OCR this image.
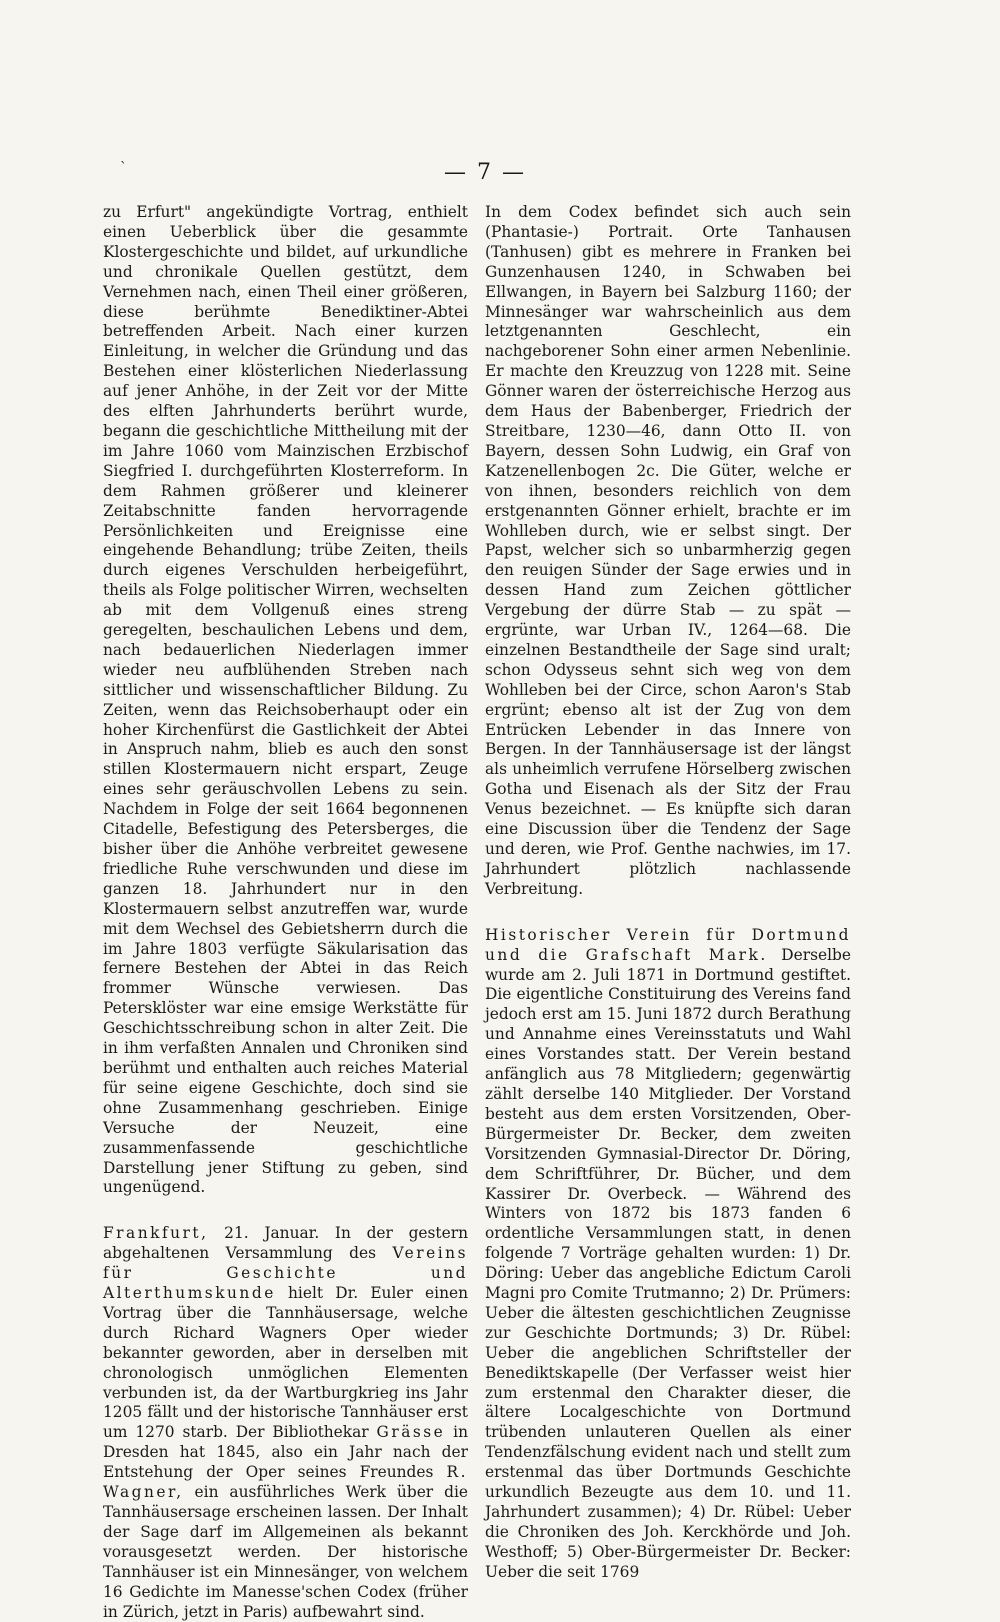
`	— 7 —

zu Erfurt" angekündigte Vortrag, enthielt einen Ueberblick über die gesammte Klostergeschichte und bildet, auf urkundliche und chronikale Quellen gestützt, dem Vernehmen nach, einen Theil einer größeren, diese berühmte Benediktiner-Abtei betreffenden Arbeit. Nach einer kurzen Einleitung, in welcher die Gründung und das Bestehen einer klösterlichen Niederlassung auf jener Anhöhe, in der Zeit vor der Mitte des elften Jahrhunderts berührt wurde, begann die geschichtliche Mittheilung mit der im Jahre 1060 vom Mainzischen Erzbischof Siegfried I. durchgeführten Klosterreform. In dem Rahmen größerer und kleinerer Zeitabschnitte fanden hervorragende Persönlichkeiten und Ereignisse eine eingehende Behandlung; trübe Zeiten, theils durch eigenes Verschulden herbeigeführt, theils als Folge politischer Wirren, wechselten ab mit dem Vollgenuß eines streng geregelten, beschaulichen Lebens und dem, nach bedauerlichen Niederlagen immer wieder neu aufblühenden Streben nach sittlicher und wissenschaftlicher Bildung. Zu Zeiten, wenn das Reichsoberhaupt oder ein hoher Kirchenfürst die Gastlichkeit der Abtei in Anspruch nahm, blieb es auch den sonst stillen Klostermauern nicht erspart, Zeuge eines sehr geräuschvollen Lebens zu sein. Nachdem in Folge der seit 1664 begonnenen Citadelle, Befestigung des Petersberges, die bisher über die Anhöhe verbreitet gewesene friedliche Ruhe verschwunden und diese im ganzen 18. Jahrhundert nur in den Klostermauern selbst anzutreffen war, wurde mit dem Wechsel des Gebietsherrn durch die im Jahre 1803 verfügte Säkularisation das fernere Bestehen der Abtei in das Reich frommer Wünsche verwiesen. Das Petersklöster war eine emsige Werkstätte für Geschichtsschreibung schon in alter Zeit. Die in ihm verfaßten Annalen und Chroniken sind berühmt und enthalten auch reiches Material für seine eigene Geschichte, doch sind sie ohne Zusammenhang geschrieben. Einige Versuche der Neuzeit, eine zusammenfassende geschichtliche Darstellung jener Stiftung zu geben, sind ungenügend.

Frankfurt, 21. Januar. In der gestern abgehaltenen Versammlung des Vereins für Geschichte und Alterthumskunde hielt Dr. Euler einen Vortrag über die Tannhäusersage, welche durch Richard Wagners Oper wieder bekannter geworden, aber in derselben mit chronologisch unmöglichen Elementen verbunden ist, da der Wartburgkrieg ins Jahr 1205 fällt und der historische Tannhäuser erst um 1270 starb. Der Bibliothekar Grässe in Dresden hat 1845, also ein Jahr nach der Entstehung der Oper seines Freundes R. Wagner, ein ausführliches Werk über die Tannhäusersage erscheinen lassen. Der Inhalt der Sage darf im Allgemeinen als bekannt vorausgesetzt werden. Der historische Tannhäuser ist ein Minnesänger, von welchem 16 Gedichte im Manesse'schen Codex (früher in Zürich, jetzt in Paris) aufbewahrt sind.

In dem Codex befindet sich auch sein (Phantasie-) Portrait. Orte Tanhausen (Tanhusen) gibt es mehrere in Franken bei Gunzenhausen 1240, in Schwaben bei Ellwangen, in Bayern bei Salzburg 1160; der Minnesänger war wahrscheinlich aus dem letztgenannten Geschlecht, ein nachgeborener Sohn einer armen Nebenlinie. Er machte den Kreuzzug von 1228 mit. Seine Gönner waren der österreichische Herzog aus dem Haus der Babenberger, Friedrich der Streitbare, 1230—46, dann Otto II. von Bayern, dessen Sohn Ludwig, ein Graf von Katzenellenbogen 2c. Die Güter, welche er von ihnen, besonders reichlich von dem erstgenannten Gönner erhielt, brachte er im Wohlleben durch, wie er selbst singt. Der Papst, welcher sich so unbarmherzig gegen den reuigen Sünder der Sage erwies und in dessen Hand zum Zeichen göttlicher Vergebung der dürre Stab — zu spät — ergrünte, war Urban IV., 1264—68. Die einzelnen Bestandtheile der Sage sind uralt; schon Odysseus sehnt sich weg von dem Wohlleben bei der Circe, schon Aaron's Stab ergrünt; ebenso alt ist der Zug von dem Entrücken Lebender in das Innere von Bergen. In der Tannhäusersage ist der längst als unheimlich verrufene Hörselberg zwischen Gotha und Eisenach als der Sitz der Frau Venus bezeichnet. — Es knüpfte sich daran eine Discussion über die Tendenz der Sage und deren, wie Prof. Genthe nachwies, im 17. Jahrhundert plötzlich nachlassende Verbreitung.

Historischer Verein für Dortmund und die Grafschaft Mark. Derselbe wurde am 2. Juli 1871 in Dortmund gestiftet. Die eigentliche Constituirung des Vereins fand jedoch erst am 15. Juni 1872 durch Berathung und Annahme eines Vereinsstatuts und Wahl eines Vorstandes statt. Der Verein bestand anfänglich aus 78 Mitgliedern; gegenwärtig zählt derselbe 140 Mitglieder. Der Vorstand besteht aus dem ersten Vorsitzenden, Ober-Bürgermeister Dr. Becker, dem zweiten Vorsitzenden Gymnasial-Director Dr. Döring, dem Schriftführer, Dr. Bücher, und dem Kassirer Dr. Overbeck. — Während des Winters von 1872 bis 1873 fanden 6 ordentliche Versammlungen statt, in denen folgende 7 Vorträge gehalten wurden: 1) Dr. Döring: Ueber das angebliche Edictum Caroli Magni pro Comite Trutmanno; 2) Dr. Prümers: Ueber die ältesten geschichtlichen Zeugnisse zur Geschichte Dortmunds; 3) Dr. Rübel: Ueber die angeblichen Schriftsteller der Benediktskapelle (Der Verfasser weist hier zum erstenmal den Charakter dieser, die ältere Localgeschichte von Dortmund trübenden unlauteren Quellen als einer Tendenzfälschung evident nach und stellt zum erstenmal das über Dortmunds Geschichte urkundlich Bezeugte aus dem 10. und 11. Jahrhundert zusammen); 4) Dr. Rübel: Ueber die Chroniken des Joh. Kerckhörde und Joh. Westhoff; 5) Ober-Bürgermeister Dr. Becker: Ueber die seit 1769
